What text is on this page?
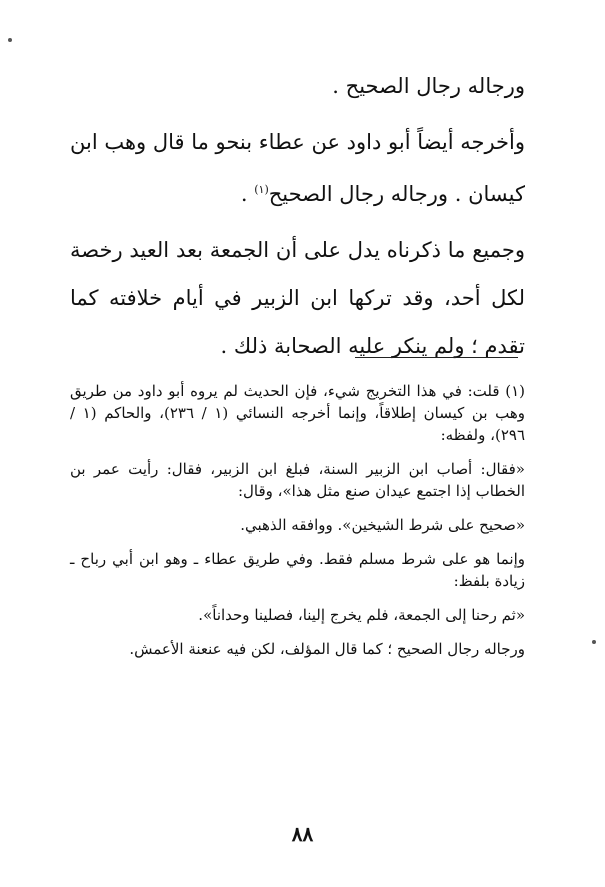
ورجاله رجال الصحيح .

وأخرجه أيضاً أبو داود عن عطاء بنحو ما قال وهب ابن كيسان . ورجاله رجال الصحيح$^{(١)}$ .

وجميع ما ذكرناه يدل على أن الجمعة بعد العيد رخصة لكل أحد، وقد تركها ابن الزبير في أيام خلافته كما تقدم ؛ ولم ينكر عليه الصحابة ذلك .

(١) قلت: في هذا التخريج شيء، فإن الحديث لم يروه أبو داود من طريق وهب بن كيسان إطلاقاً، وإنما أخرجه النسائي (١ / ٢٣٦)، والحاكم (١ / ٢٩٦)، ولفظه:

«فقال: أصاب ابن الزبير السنة، فبلغ ابن الزبير، فقال: رأيت عمر بن الخطاب إذا اجتمع عيدان صنع مثل هذا»، وقال:

«صحيح على شرط الشيخين». ووافقه الذهبي.

وإنما هو على شرط مسلم فقط. وفي طريق عطاء ـ وهو ابن أبي رباح ـ زيادة بلفظ:

«ثم رحنا إلى الجمعة، فلم يخرج إلينا، فصلينا وحداناً».

ورجاله رجال الصحيح ؛ كما قال المؤلف، لكن فيه عنعنة الأعمش.

٨٨
